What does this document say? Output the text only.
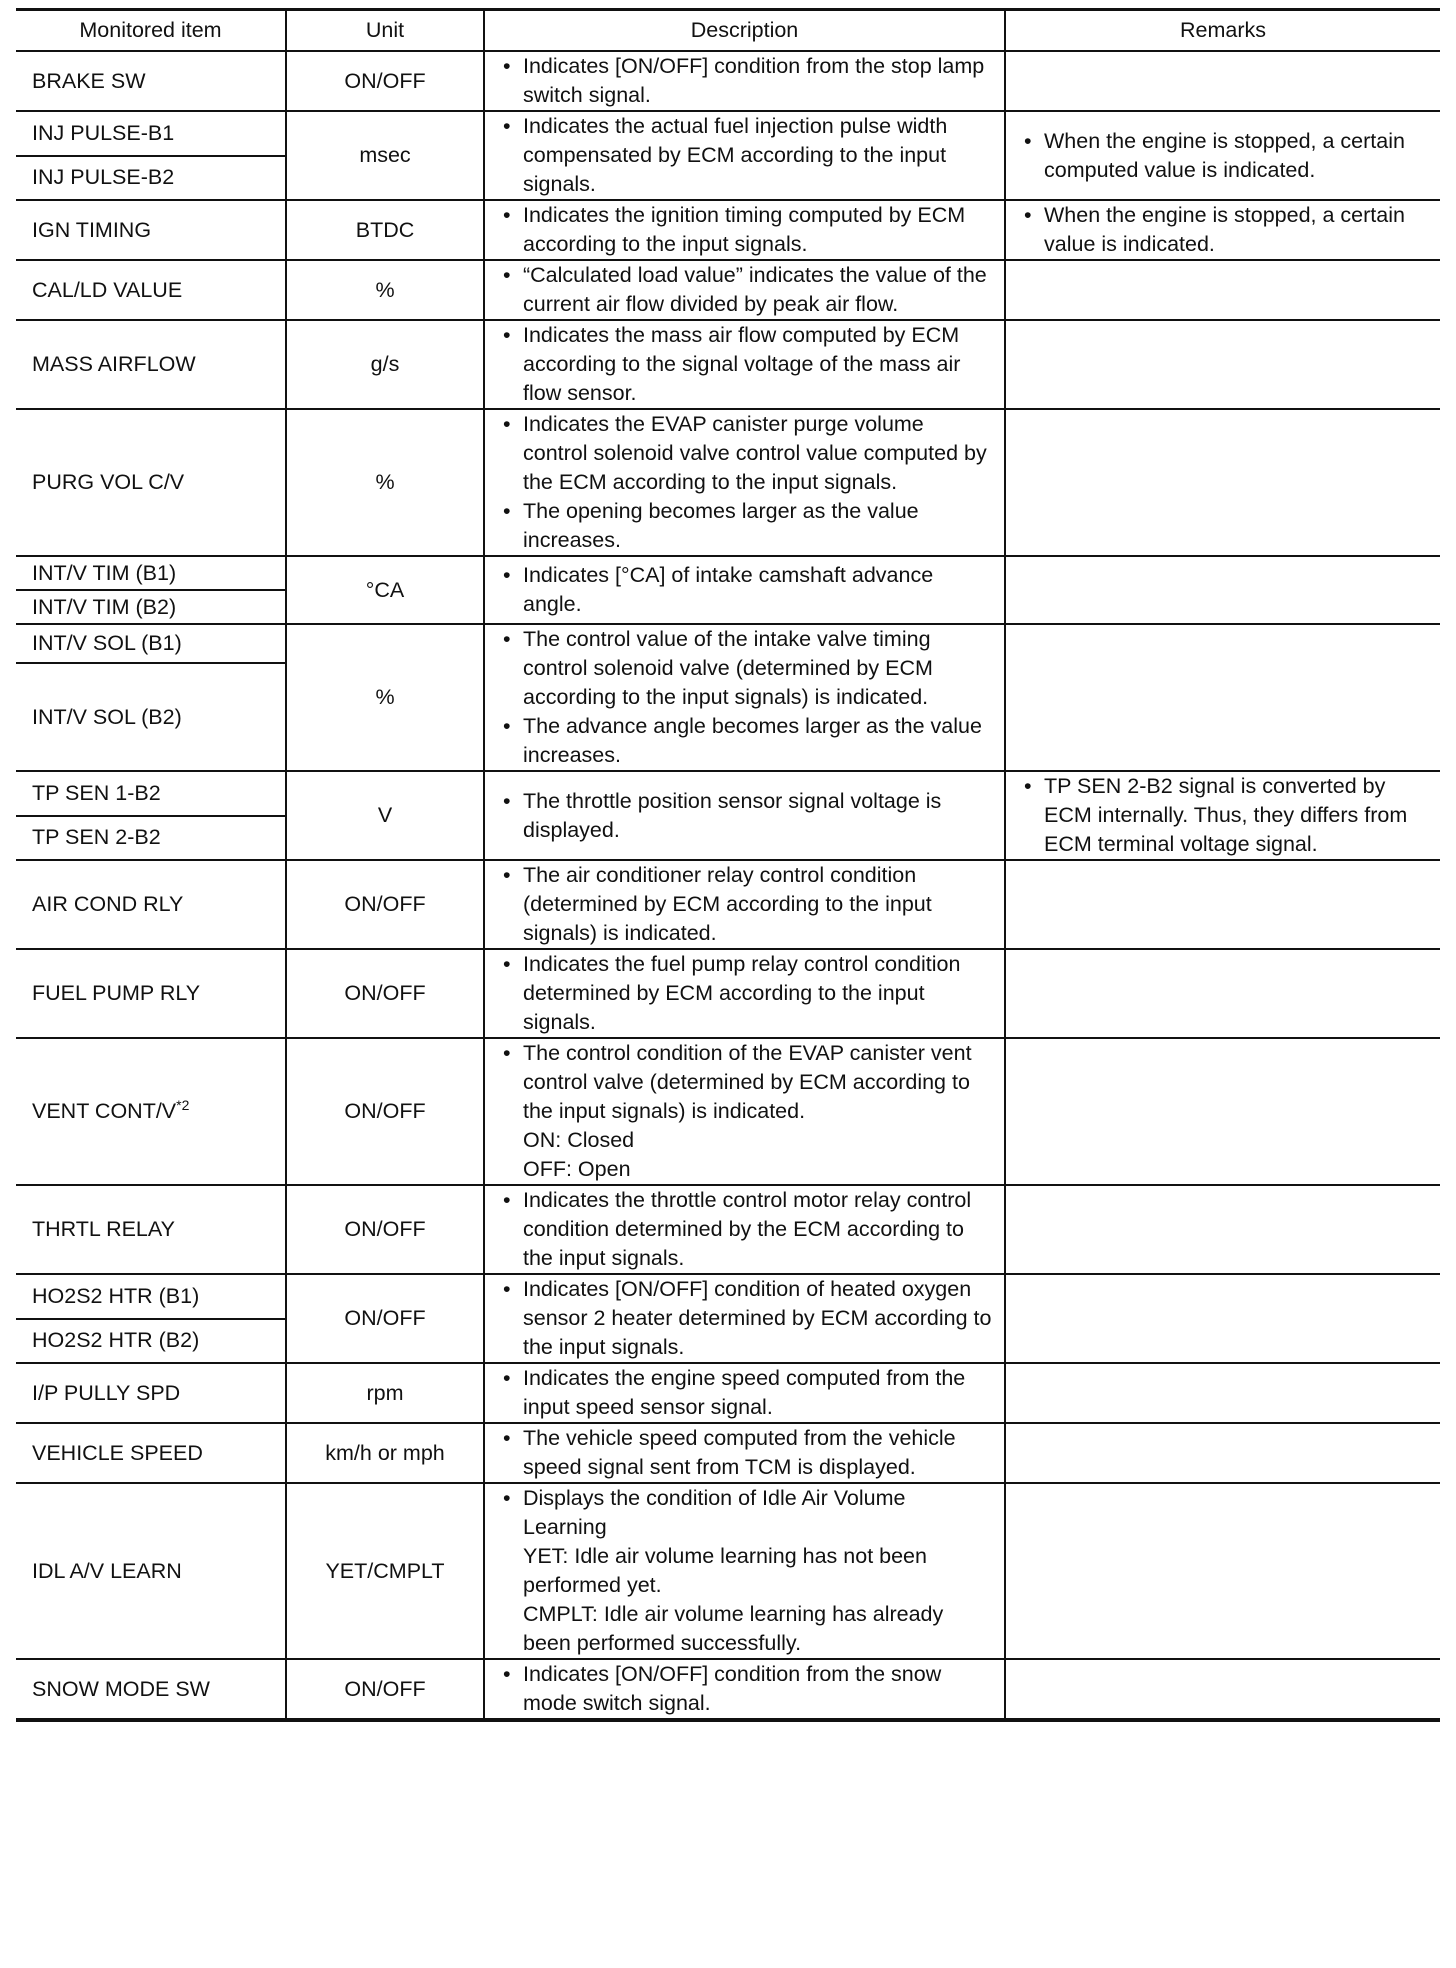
Monitored item	Unit	Description	Remarks
BRAKE SW	ON/OFF	• Indicates [ON/OFF] condition from the stop lamp switch signal.

INJ PULSE-B1	msec	• Indicates the actual fuel injection pulse width compensated by ECM according to the input signals.	• When the engine is stopped, a certain computed value is indicated.

INJ PULSE-B2			
IGN TIMING	BTDC	• Indicates the ignition timing computed by ECM according to the input signals.	• When the engine is stopped, a certain value is indicated.

CAL/LD VALUE	%	• “Calculated load value” indicates the value of the current air flow divided by peak air flow.

MASS AIRFLOW	g/s	• Indicates the mass air flow computed by ECM according to the signal voltage of the mass air flow sensor.

PURG VOL C/V	%	• Indicates the EVAP canister purge volume control solenoid valve control value computed by the ECM according to the input signals.
• The opening becomes larger as the value increases.

INT/V TIM (B1)	°CA	• Indicates [°CA] of intake camshaft advance angle.

INT/V TIM (B2)			
INT/V SOL (B1)	%	• The control value of the intake valve timing control solenoid valve (determined by ECM according to the input signals) is indicated.
• The advance angle becomes larger as the value increases.

INT/V SOL (B2)			
TP SEN 1-B2	V	• The throttle position sensor signal voltage is displayed.	• TP SEN 2-B2 signal is converted by ECM internally. Thus, they differs from ECM terminal voltage signal.

TP SEN 2-B2			
AIR COND RLY	ON/OFF	• The air conditioner relay control condition (determined by ECM according to the input signals) is indicated.

FUEL PUMP RLY	ON/OFF	• Indicates the fuel pump relay control condition determined by ECM according to the input signals.

VENT CONT/$V^{*2}$	ON/OFF	• The control condition of the EVAP canister vent control valve (determined by ECM according to the input signals) is indicated.
ON: Closed
OFF: Open

THRTL RELAY	ON/OFF	• Indicates the throttle control motor relay control condition determined by the ECM according to the input signals.

HO2S2 HTR (B1)	ON/OFF	• Indicates [ON/OFF] condition of heated oxygen sensor 2 heater determined by ECM according to the input signals.

HO2S2 HTR (B2)			
I/P PULLY SPD	rpm	• Indicates the engine speed computed from the input speed sensor signal.

VEHICLE SPEED	km/h or mph	• The vehicle speed computed from the vehicle speed signal sent from TCM is displayed.

IDL A/V LEARN	YET/CMPLT	• Displays the condition of Idle Air Volume Learning
YET: Idle air volume learning has not been performed yet.
CMPLT: Idle air volume learning has already been performed successfully.

SNOW MODE SW	ON/OFF	• Indicates [ON/OFF] condition from the snow mode switch signal.
